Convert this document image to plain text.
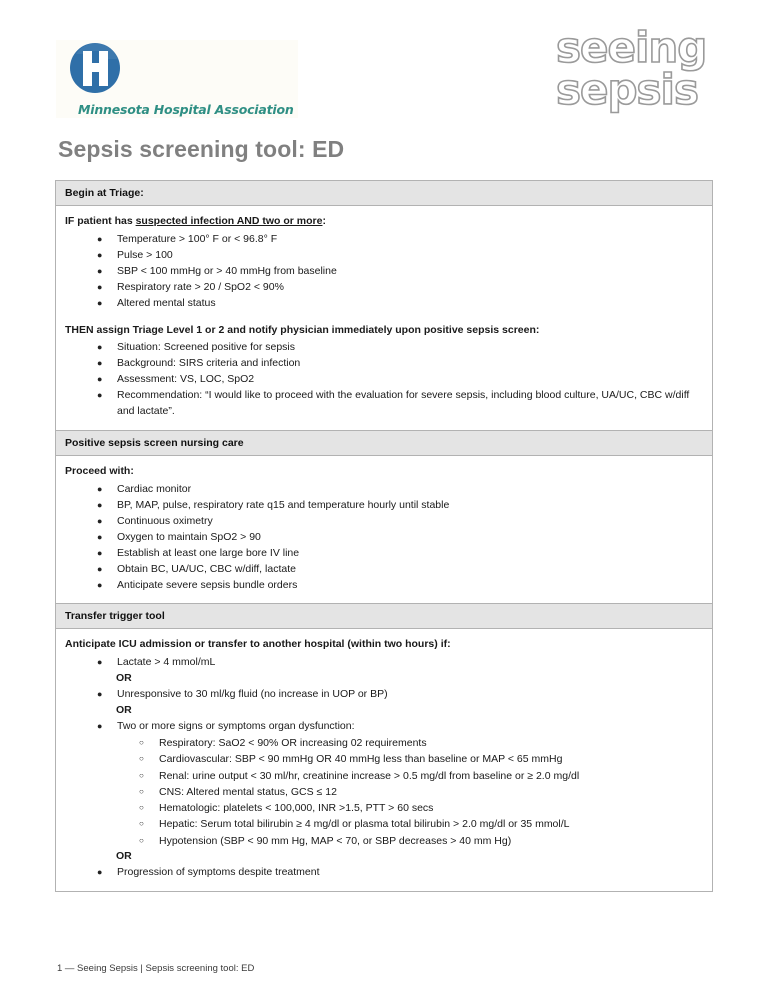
Minnesota Hospital Association
seeing
sepsis
Sepsis screening tool: ED
Begin at Triage:

IF patient has suspected infection AND two or more:

● Temperature > 100° F or < 96.8° F
● Pulse > 100
● SBP < 100 mmHg or > 40 mmHg from baseline
● Respiratory rate > 20 / SpO2 < 90%
● Altered mental status

THEN assign Triage Level 1 or 2 and notify physician immediately upon positive sepsis screen:

● Situation: Screened positive for sepsis
● Background: SIRS criteria and infection
● Assessment: VS, LOC, SpO2
● Recommendation: “I would like to proceed with the evaluation for severe sepsis, including blood culture, UA/UC, CBC w/diff and lactate”.

Positive sepsis screen nursing care

Proceed with:

● Cardiac monitor
● BP, MAP, pulse, respiratory rate q15 and temperature hourly until stable
● Continuous oximetry
● Oxygen to maintain SpO2 > 90
● Establish at least one large bore IV line
● Obtain BC, UA/UC, CBC w/diff, lactate
● Anticipate severe sepsis bundle orders

Transfer trigger tool

Anticipate ICU admission or transfer to another hospital (within two hours) if:

● Lactate > 4 mmol/mL
OR
● Unresponsive to 30 ml/kg fluid (no increase in UOP or BP)
OR
● Two or more signs or symptoms organ dysfunction:
○ Respiratory: SaO2 < 90% OR increasing 02 requirements
○ Cardiovascular: SBP < 90 mmHg OR 40 mmHg less than baseline or MAP < 65 mmHg
○ Renal: urine output < 30 ml/hr, creatinine increase > 0.5 mg/dl from baseline or ≥ 2.0 mg/dl
○ CNS: Altered mental status, GCS ≤ 12
○ Hematologic: platelets < 100,000, INR >1.5, PTT > 60 secs
○ Hepatic: Serum total bilirubin ≥ 4 mg/dl or plasma total bilirubin > 2.0 mg/dl or 35 mmol/L
○ Hypotension (SBP < 90 mm Hg, MAP < 70, or SBP decreases > 40 mm Hg)
OR
● Progression of symptoms despite treatment
1 — Seeing Sepsis | Sepsis screening tool: ED
